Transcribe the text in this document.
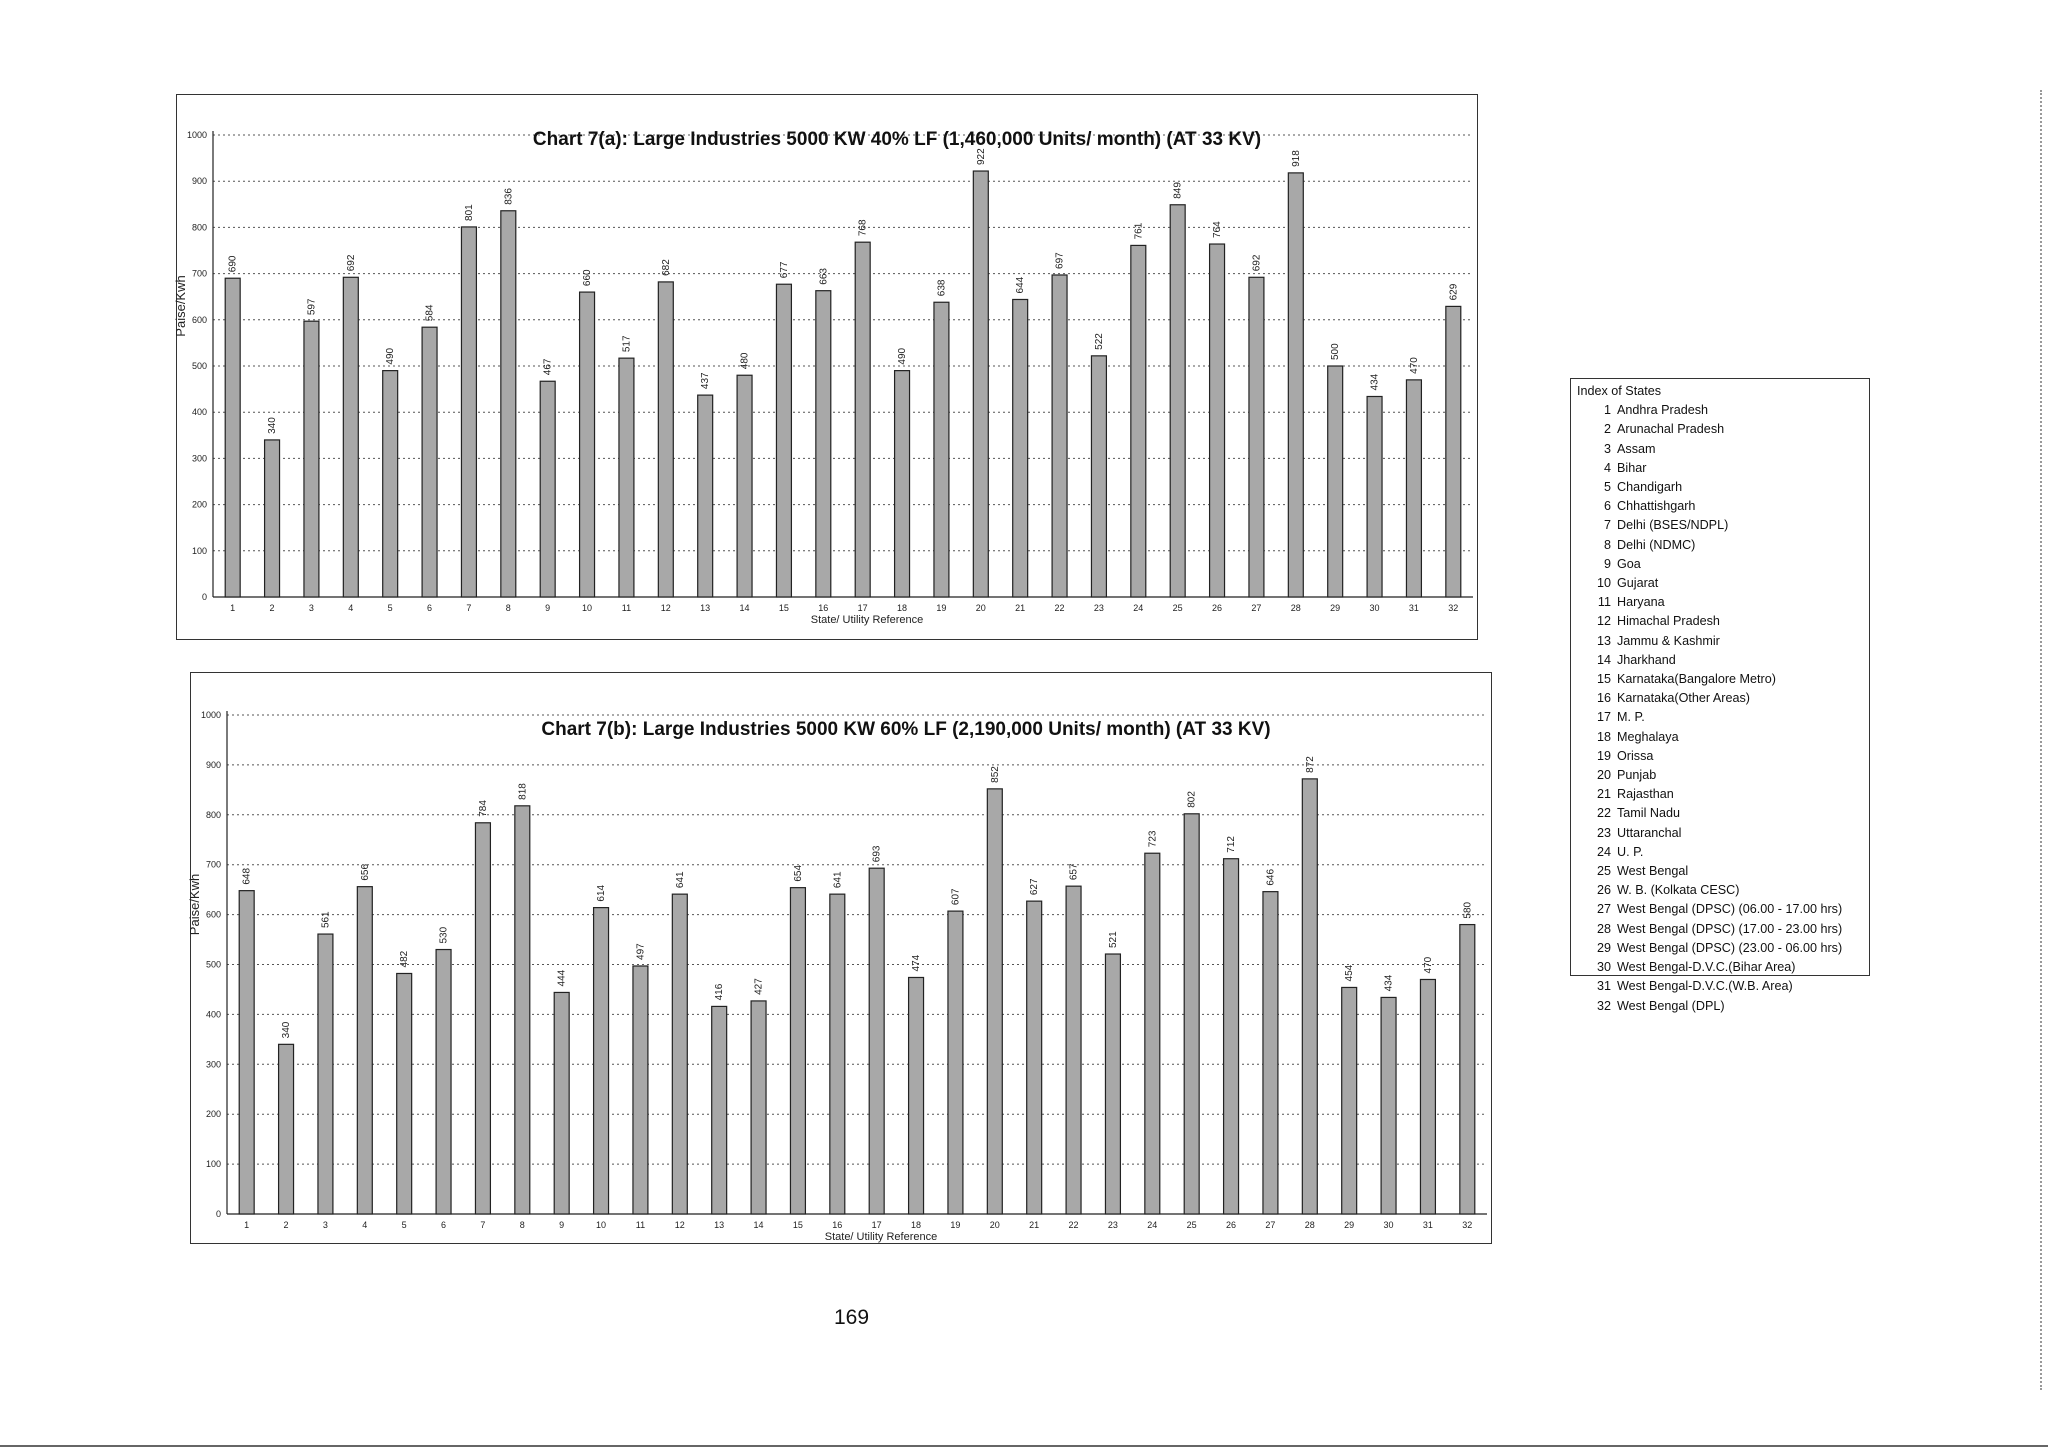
0
100
200
300
400
500
600
700
800
900
1000
690
1
340
2
597
3
692
4
490
5
584
6
801
7
836
8
467
9
660
10
517
11
682
12
437
13
480
14
677
15
663
16
768
17
490
18
638
19
922
20
644
21
697
22
522
23
761
24
849
25
764
26
692
27
918
28
500
29
434
30
470
31
629
32
Chart 7(a): Large Industries 5000 KW 40% LF (1,460,000 Units/ month) (AT 33 KV)
State/ Utility Reference
Paise/Kwh
0
100
200
300
400
500
600
700
800
900
1000
648
1
340
2
561
3
656
4
482
5
530
6
784
7
818
8
444
9
614
10
497
11
641
12
416
13
427
14
654
15
641
16
693
17
474
18
607
19
852
20
627
21
657
22
521
23
723
24
802
25
712
26
646
27
872
28
454
29
434
30
470
31
580
32
Chart 7(b): Large Industries 5000 KW 60% LF (2,190,000 Units/ month) (AT 33 KV)
State/ Utility Reference
Paise/Kwh
Index of States
1 Andhra Pradesh
2 Arunachal Pradesh
3 Assam
4 Bihar
5 Chandigarh
6 Chhattishgarh
7 Delhi (BSES/NDPL)
8 Delhi (NDMC)
9 Goa
10 Gujarat
11 Haryana
12 Himachal Pradesh
13 Jammu & Kashmir
14 Jharkhand
15 Karnataka(Bangalore Metro)
16 Karnataka(Other Areas)
17 M. P.
18 Meghalaya
19 Orissa
20 Punjab
21 Rajasthan
22 Tamil Nadu
23 Uttaranchal
24 U. P.
25 West Bengal
26 W. B. (Kolkata CESC)
27 West Bengal (DPSC) (06.00 - 17.00 hrs)
28 West Bengal (DPSC) (17.00 - 23.00 hrs)
29 West Bengal (DPSC) (23.00 - 06.00 hrs)
30 West Bengal-D.V.C.(Bihar Area)
31 West Bengal-D.V.C.(W.B. Area)
32 West Bengal (DPL)
169
